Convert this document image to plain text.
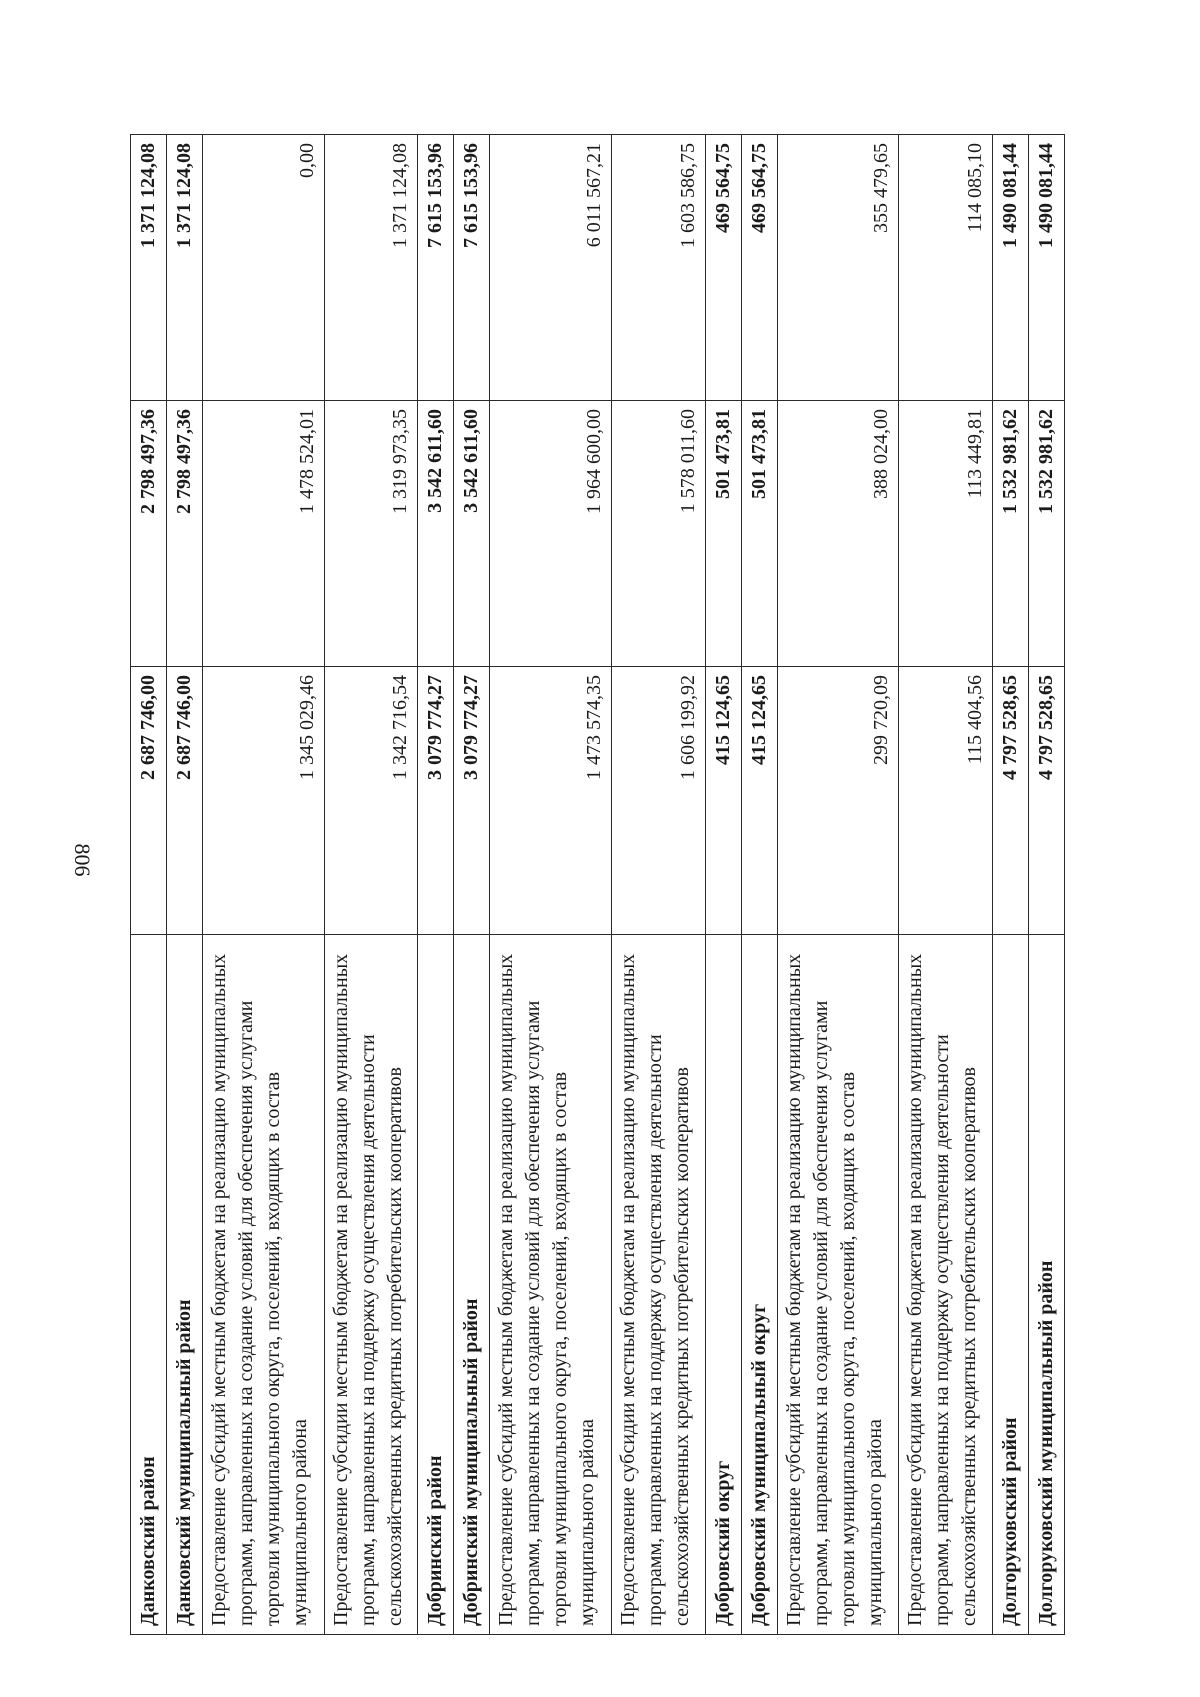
806
Данковский район	2 687 746,00	2 798 497,36	1 371 124,08
Данковский муниципальный район	2 687 746,00	2 798 497,36	1 371 124,08
Предоставление субсидий местным бюджетам на реализацию муниципальных программ, направленных на создание условий для обеспечения услугами торговли муниципального округа, поселений, входящих в состав муниципального района	1 345 029,46	1 478 524,01	0,00
Предоставление субсидии местным бюджетам на реализацию муниципальных программ, направленных на поддержку осуществления деятельности сельскохозяйственных кредитных потребительских кооперативов	1 342 716,54	1 319 973,35	1 371 124,08
Добринский район	3 079 774,27	3 542 611,60	7 615 153,96
Добринский муниципальный район	3 079 774,27	3 542 611,60	7 615 153,96
Предоставление субсидий местным бюджетам на реализацию муниципальных программ, направленных на создание условий для обеспечения услугами торговли муниципального округа, поселений, входящих в состав муниципального района	1 473 574,35	1 964 600,00	6 011 567,21
Предоставление субсидии местным бюджетам на реализацию муниципальных программ, направленных на поддержку осуществления деятельности сельскохозяйственных кредитных потребительских кооперативов	1 606 199,92	1 578 011,60	1 603 586,75
Добровский округ	415 124,65	501 473,81	469 564,75
Добровский муниципальный округ	415 124,65	501 473,81	469 564,75
Предоставление субсидий местным бюджетам на реализацию муниципальных программ, направленных на создание условий для обеспечения услугами торговли муниципального округа, поселений, входящих в состав муниципального района	299 720,09	388 024,00	355 479,65
Предоставление субсидии местным бюджетам на реализацию муниципальных программ, направленных на поддержку осуществления деятельности сельскохозяйственных кредитных потребительских кооперативов	115 404,56	113 449,81	114 085,10
Долгоруковский район	4 797 528,65	1 532 981,62	1 490 081,44
Долгоруковский муниципальный район	4 797 528,65	1 532 981,62	1 490 081,44
